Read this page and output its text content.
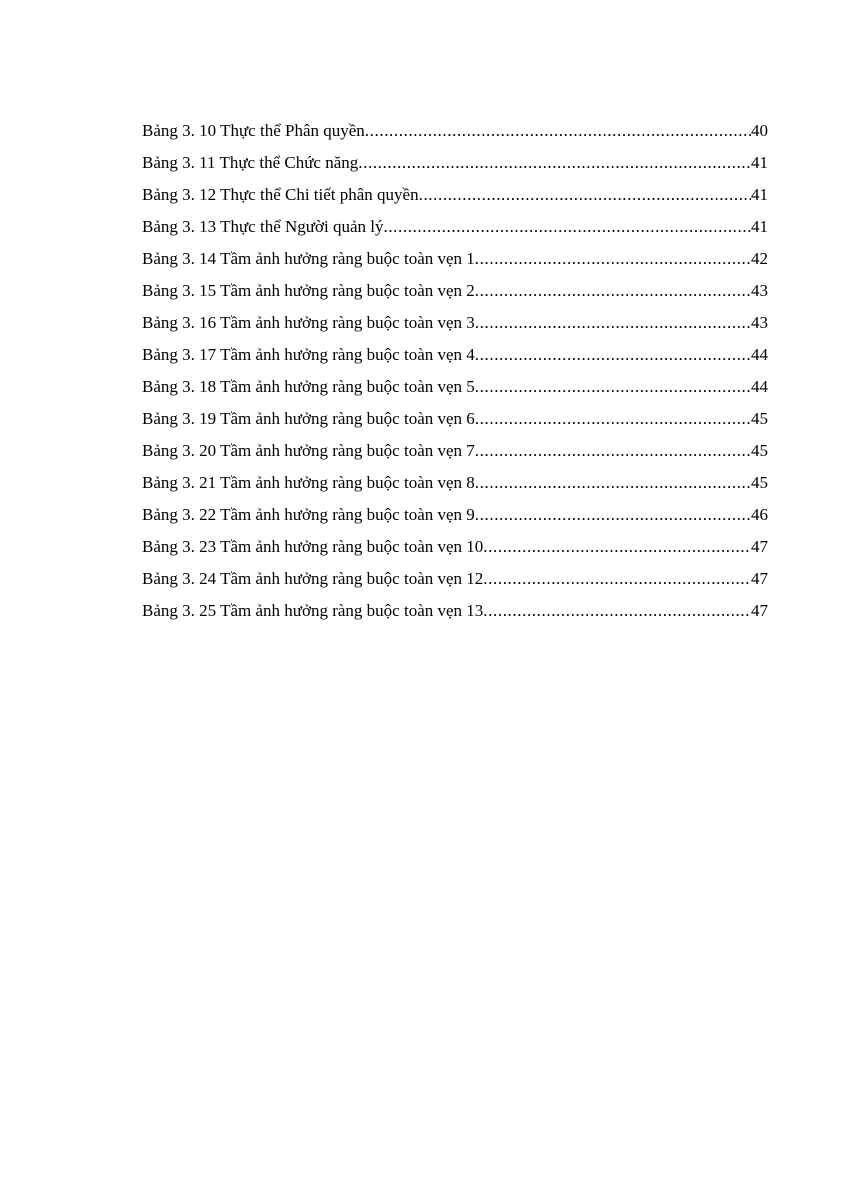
Bảng 3. 10 Thực thể Phân quyền .....	40
Bảng 3. 11 Thực thể Chức năng .....	41
Bảng 3. 12 Thực thể Chi tiết phân quyền .....	41
Bảng 3. 13 Thực thể Người quản lý .....	41
Bảng 3. 14 Tầm ảnh hưởng ràng buộc toàn vẹn 1 .....	42
Bảng 3. 15 Tầm ảnh hưởng ràng buộc toàn vẹn 2 .....	43
Bảng 3. 16 Tầm ảnh hưởng ràng buộc toàn vẹn 3 .....	43
Bảng 3. 17 Tầm ảnh hưởng ràng buộc toàn vẹn 4 .....	44
Bảng 3. 18 Tầm ảnh hưởng ràng buộc toàn vẹn 5 .....	44
Bảng 3. 19 Tầm ảnh hưởng ràng buộc toàn vẹn 6 .....	45
Bảng 3. 20 Tầm ảnh hưởng ràng buộc toàn vẹn 7 .....	45
Bảng 3. 21 Tầm ảnh hưởng ràng buộc toàn vẹn 8 .....	45
Bảng 3. 22 Tầm ảnh hưởng ràng buộc toàn vẹn 9 .....	46
Bảng 3. 23 Tầm ảnh hưởng ràng buộc toàn vẹn 10 .....	47
Bảng 3. 24 Tầm ảnh hưởng ràng buộc toàn vẹn 12 .....	47
Bảng 3. 25 Tầm ảnh hưởng ràng buộc toàn vẹn 13 .....	47
